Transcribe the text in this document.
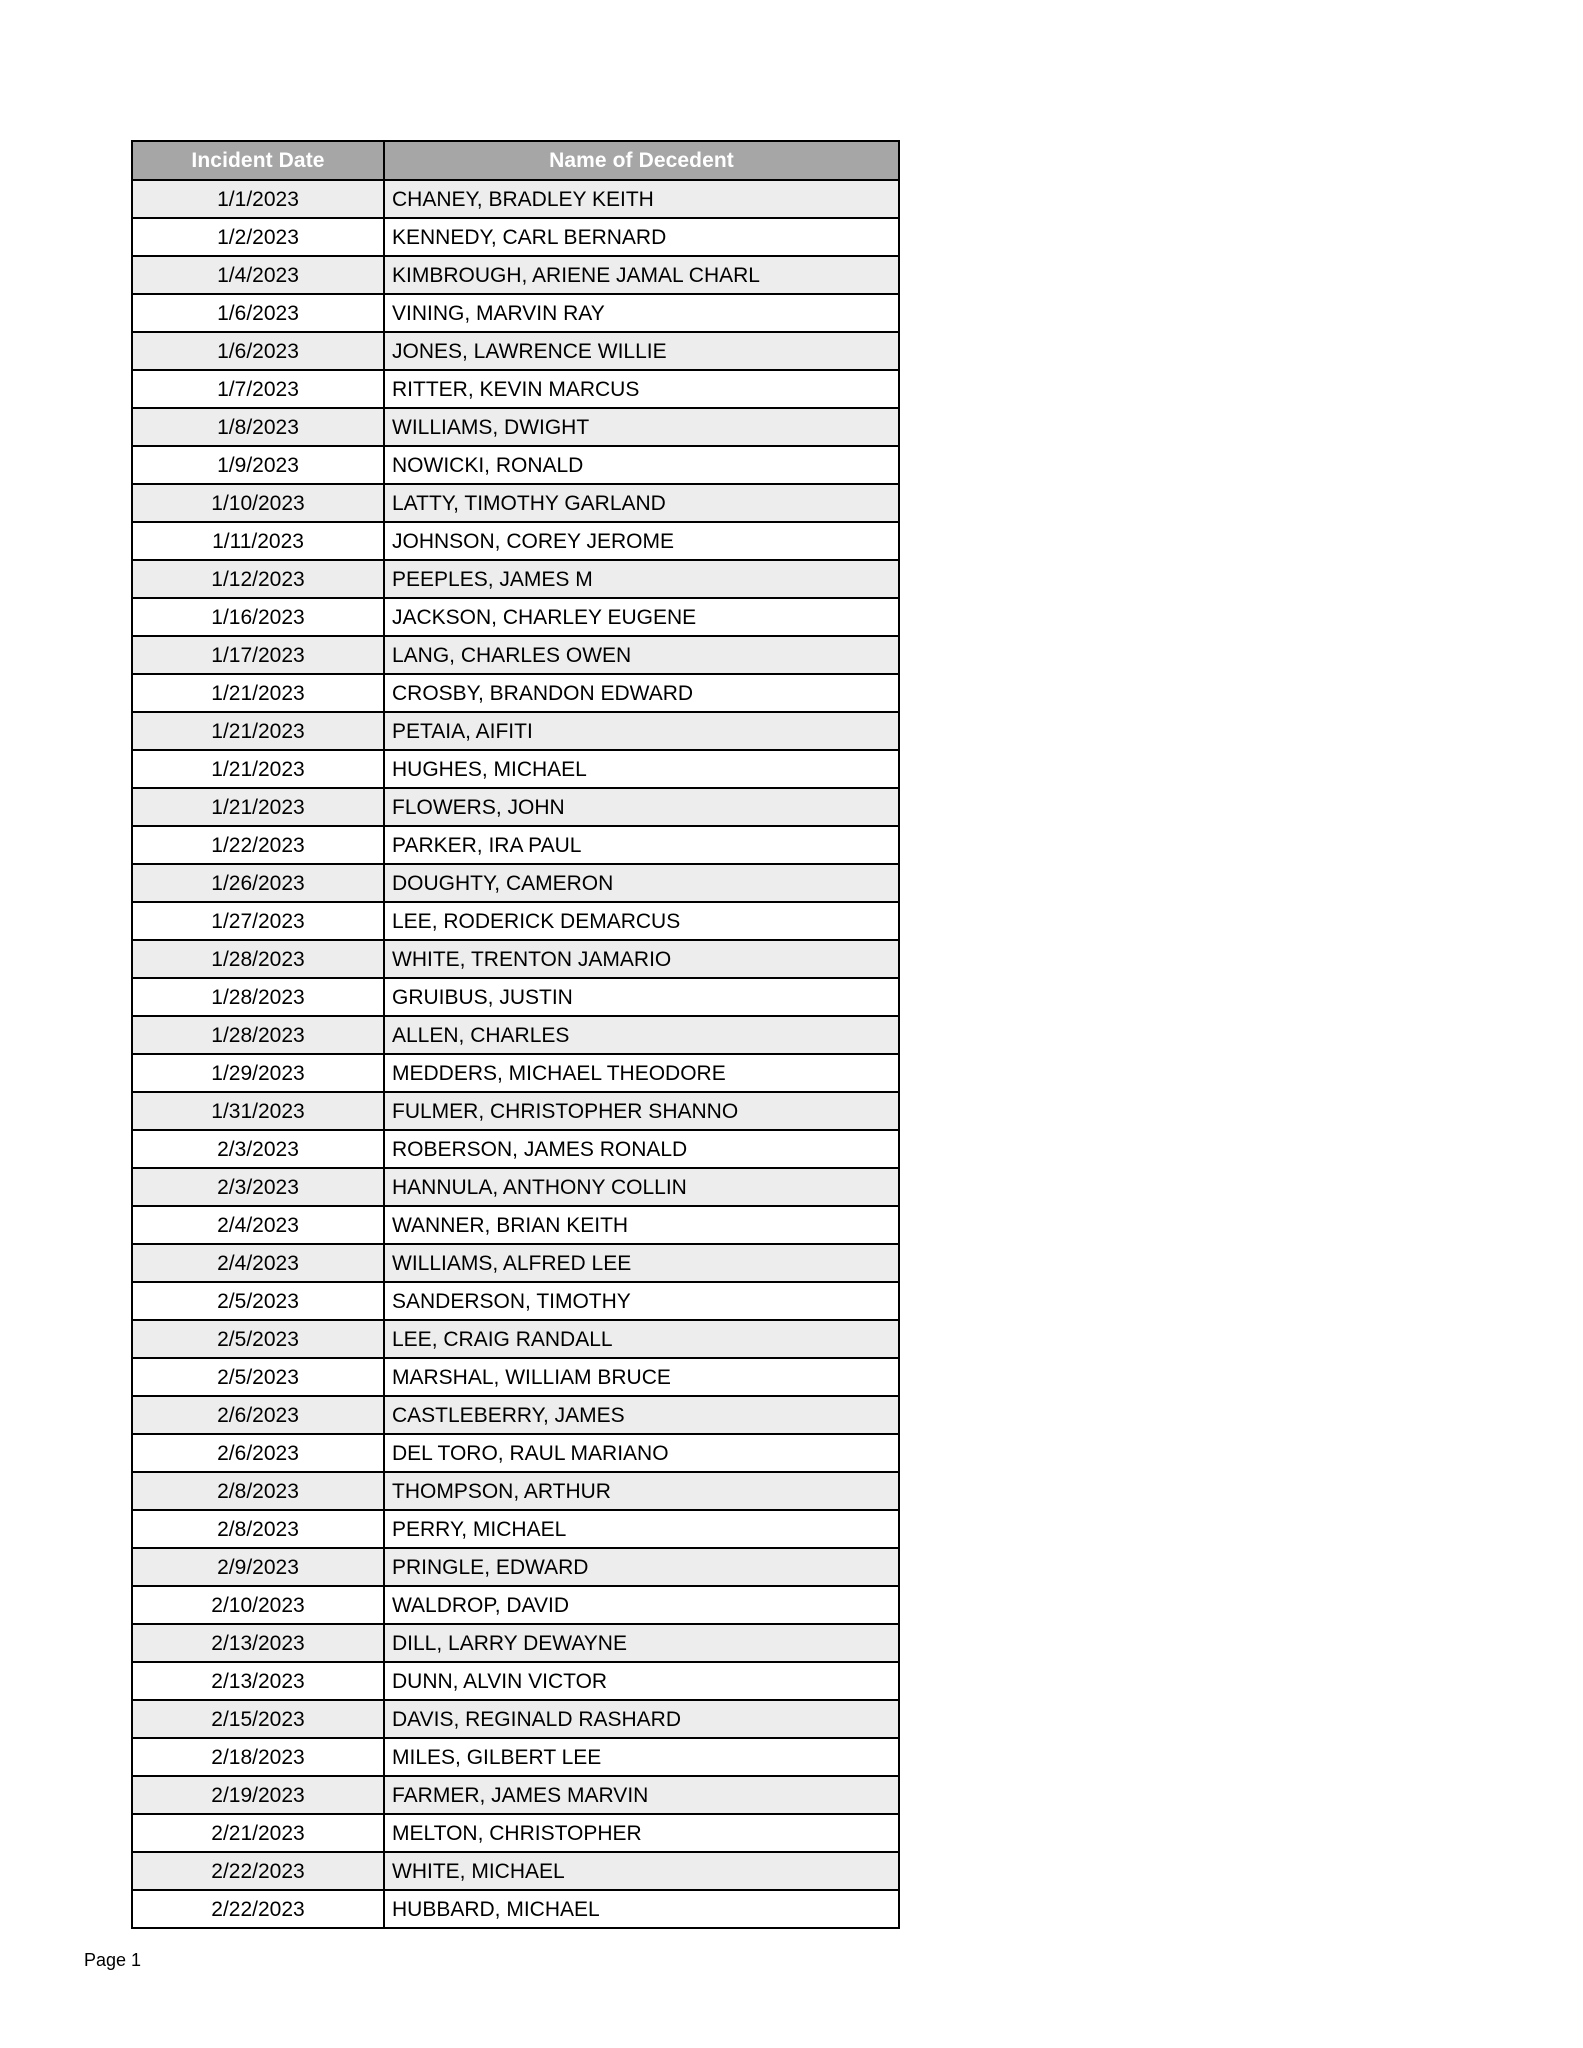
Incident Date	Name of Decedent
1/1/2023	CHANEY, BRADLEY KEITH
1/2/2023	KENNEDY, CARL BERNARD
1/4/2023	KIMBROUGH, ARIENE JAMAL CHARL
1/6/2023	VINING, MARVIN RAY
1/6/2023	JONES, LAWRENCE WILLIE
1/7/2023	RITTER, KEVIN MARCUS
1/8/2023	WILLIAMS, DWIGHT
1/9/2023	NOWICKI, RONALD
1/10/2023	LATTY, TIMOTHY GARLAND
1/11/2023	JOHNSON, COREY JEROME
1/12/2023	PEEPLES, JAMES M
1/16/2023	JACKSON, CHARLEY EUGENE
1/17/2023	LANG, CHARLES OWEN
1/21/2023	CROSBY, BRANDON EDWARD
1/21/2023	PETAIA, AIFITI
1/21/2023	HUGHES, MICHAEL
1/21/2023	FLOWERS, JOHN
1/22/2023	PARKER, IRA PAUL
1/26/2023	DOUGHTY, CAMERON
1/27/2023	LEE, RODERICK DEMARCUS
1/28/2023	WHITE, TRENTON JAMARIO
1/28/2023	GRUIBUS, JUSTIN
1/28/2023	ALLEN, CHARLES
1/29/2023	MEDDERS, MICHAEL THEODORE
1/31/2023	FULMER, CHRISTOPHER SHANNO
2/3/2023	ROBERSON, JAMES RONALD
2/3/2023	HANNULA, ANTHONY COLLIN
2/4/2023	WANNER, BRIAN KEITH
2/4/2023	WILLIAMS, ALFRED LEE
2/5/2023	SANDERSON, TIMOTHY
2/5/2023	LEE, CRAIG RANDALL
2/5/2023	MARSHAL, WILLIAM BRUCE
2/6/2023	CASTLEBERRY, JAMES
2/6/2023	DEL TORO, RAUL MARIANO
2/8/2023	THOMPSON, ARTHUR
2/8/2023	PERRY, MICHAEL
2/9/2023	PRINGLE, EDWARD
2/10/2023	WALDROP, DAVID
2/13/2023	DILL, LARRY DEWAYNE
2/13/2023	DUNN, ALVIN VICTOR
2/15/2023	DAVIS, REGINALD RASHARD
2/18/2023	MILES, GILBERT LEE
2/19/2023	FARMER, JAMES MARVIN
2/21/2023	MELTON, CHRISTOPHER
2/22/2023	WHITE, MICHAEL
2/22/2023	HUBBARD, MICHAEL
Page 1
